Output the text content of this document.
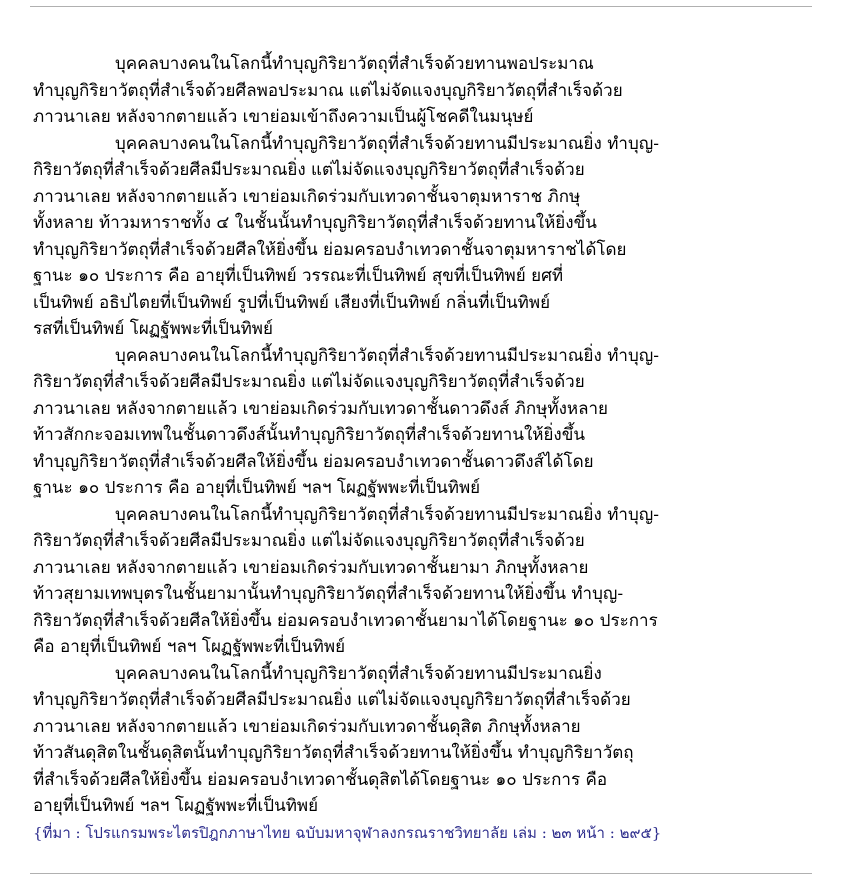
บุคคลบางคนในโลกนี้ทำบุญกิริยาวัตถุที่สำเร็จด้วยทานพอประมาณ
ทำบุญกิริยาวัตถุที่สำเร็จด้วยศีลพอประมาณ แต่ไม่จัดแจงบุญกิริยาวัตถุที่สำเร็จด้วย
ภาวนาเลย หลังจากตายแล้ว เขาย่อมเข้าถึงความเป็นผู้โชคดีในมนุษย์
บุคคลบางคนในโลกนี้ทำบุญกิริยาวัตถุที่สำเร็จด้วยทานมีประมาณยิ่ง ทำบุญ-
กิริยาวัตถุที่สำเร็จด้วยศีลมีประมาณยิ่ง แต่ไม่จัดแจงบุญกิริยาวัตถุที่สำเร็จด้วย
ภาวนาเลย หลังจากตายแล้ว เขาย่อมเกิดร่วมกับเทวดาชั้นจาตุมหาราช ภิกษุ
ทั้งหลาย ท้าวมหาราชทั้ง ๔ ในชั้นนั้นทำบุญกิริยาวัตถุที่สำเร็จด้วยทานให้ยิ่งขึ้น
ทำบุญกิริยาวัตถุที่สำเร็จด้วยศีลให้ยิ่งขึ้น ย่อมครอบงำเทวดาชั้นจาตุมหาราชได้โดย
ฐานะ ๑๐ ประการ คือ อายุที่เป็นทิพย์ วรรณะที่เป็นทิพย์ สุขที่เป็นทิพย์ ยศที่
เป็นทิพย์ อธิปไตยที่เป็นทิพย์ รูปที่เป็นทิพย์ เสียงที่เป็นทิพย์ กลิ่นที่เป็นทิพย์
รสที่เป็นทิพย์ โผฏฐัพพะที่เป็นทิพย์
บุคคลบางคนในโลกนี้ทำบุญกิริยาวัตถุที่สำเร็จด้วยทานมีประมาณยิ่ง ทำบุญ-
กิริยาวัตถุที่สำเร็จด้วยศีลมีประมาณยิ่ง แต่ไม่จัดแจงบุญกิริยาวัตถุที่สำเร็จด้วย
ภาวนาเลย หลังจากตายแล้ว เขาย่อมเกิดร่วมกับเทวดาชั้นดาวดึงส์ ภิกษุทั้งหลาย
ท้าวสักกะจอมเทพในชั้นดาวดึงส์นั้นทำบุญกิริยาวัตถุที่สำเร็จด้วยทานให้ยิ่งขึ้น
ทำบุญกิริยาวัตถุที่สำเร็จด้วยศีลให้ยิ่งขึ้น ย่อมครอบงำเทวดาชั้นดาวดึงส์ได้โดย
ฐานะ ๑๐ ประการ คือ อายุที่เป็นทิพย์ ฯลฯ โผฏฐัพพะที่เป็นทิพย์
บุคคลบางคนในโลกนี้ทำบุญกิริยาวัตถุที่สำเร็จด้วยทานมีประมาณยิ่ง ทำบุญ-
กิริยาวัตถุที่สำเร็จด้วยศีลมีประมาณยิ่ง แต่ไม่จัดแจงบุญกิริยาวัตถุที่สำเร็จด้วย
ภาวนาเลย หลังจากตายแล้ว เขาย่อมเกิดร่วมกับเทวดาชั้นยามา ภิกษุทั้งหลาย
ท้าวสุยามเทพบุตรในชั้นยามานั้นทำบุญกิริยาวัตถุที่สำเร็จด้วยทานให้ยิ่งขึ้น ทำบุญ-
กิริยาวัตถุที่สำเร็จด้วยศีลให้ยิ่งขึ้น ย่อมครอบงำเทวดาชั้นยามาได้โดยฐานะ ๑๐ ประการ
คือ อายุที่เป็นทิพย์ ฯลฯ โผฏฐัพพะที่เป็นทิพย์
บุคคลบางคนในโลกนี้ทำบุญกิริยาวัตถุที่สำเร็จด้วยทานมีประมาณยิ่ง
ทำบุญกิริยาวัตถุที่สำเร็จด้วยศีลมีประมาณยิ่ง แต่ไม่จัดแจงบุญกิริยาวัตถุที่สำเร็จด้วย
ภาวนาเลย หลังจากตายแล้ว เขาย่อมเกิดร่วมกับเทวดาชั้นดุสิต ภิกษุทั้งหลาย
ท้าวสันดุสิตในชั้นดุสิตนั้นทำบุญกิริยาวัตถุที่สำเร็จด้วยทานให้ยิ่งขึ้น ทำบุญกิริยาวัตถุ
ที่สำเร็จด้วยศีลให้ยิ่งขึ้น ย่อมครอบงำเทวดาชั้นดุสิตได้โดยฐานะ ๑๐ ประการ คือ
อายุที่เป็นทิพย์ ฯลฯ โผฏฐัพพะที่เป็นทิพย์
{ที่มา : โปรแกรมพระไตรปิฎกภาษาไทย ฉบับมหาจุฬาลงกรณราชวิทยาลัย เล่ม : ๒๓ หน้า : ๒๙๕}
